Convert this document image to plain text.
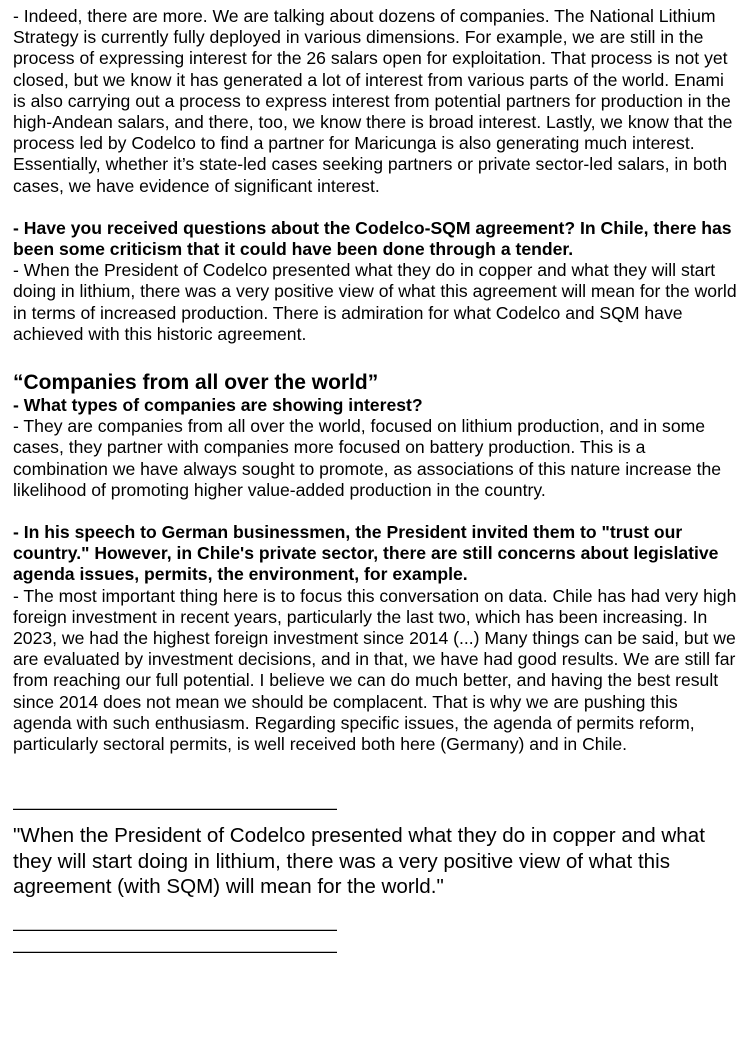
- Indeed, there are more. We are talking about dozens of companies. The National Lithium Strategy is currently fully deployed in various dimensions. For example, we are still in the process of expressing interest for the 26 salars open for exploitation. That process is not yet closed, but we know it has generated a lot of interest from various parts of the world. Enami is also carrying out a process to express interest from potential partners for production in the high-Andean salars, and there, too, we know there is broad interest. Lastly, we know that the process led by Codelco to find a partner for Maricunga is also generating much interest. Essentially, whether it’s state-led cases seeking partners or private sector-led salars, in both cases, we have evidence of significant interest.

- Have you received questions about the Codelco-SQM agreement? In Chile, there has been some criticism that it could have been done through a tender.

- When the President of Codelco presented what they do in copper and what they will start doing in lithium, there was a very positive view of what this agreement will mean for the world in terms of increased production. There is admiration for what Codelco and SQM have achieved with this historic agreement.

“Companies from all over the world”

- What types of companies are showing interest?

- They are companies from all over the world, focused on lithium production, and in some cases, they partner with companies more focused on battery production. This is a combination we have always sought to promote, as associations of this nature increase the likelihood of promoting higher value-added production in the country.

- In his speech to German businessmen, the President invited them to "trust our country." However, in Chile's private sector, there are still concerns about legislative agenda issues, permits, the environment, for example.

- The most important thing here is to focus this conversation on data. Chile has had very high foreign investment in recent years, particularly the last two, which has been increasing. In 2023, we had the highest foreign investment since 2014 (...) Many things can be said, but we are evaluated by investment decisions, and in that, we have had good results. We are still far from reaching our full potential. I believe we can do much better, and having the best result since 2014 does not mean we should be complacent. That is why we are pushing this agenda with such enthusiasm. Regarding specific issues, the agenda of permits reform, particularly sectoral permits, is well received both here (Germany) and in Chile.

——————————————————

"When the President of Codelco presented what they do in copper and what they will start doing in lithium, there was a very positive view of what this agreement (with SQM) will mean for the world."

——————————————————

——————————————————
